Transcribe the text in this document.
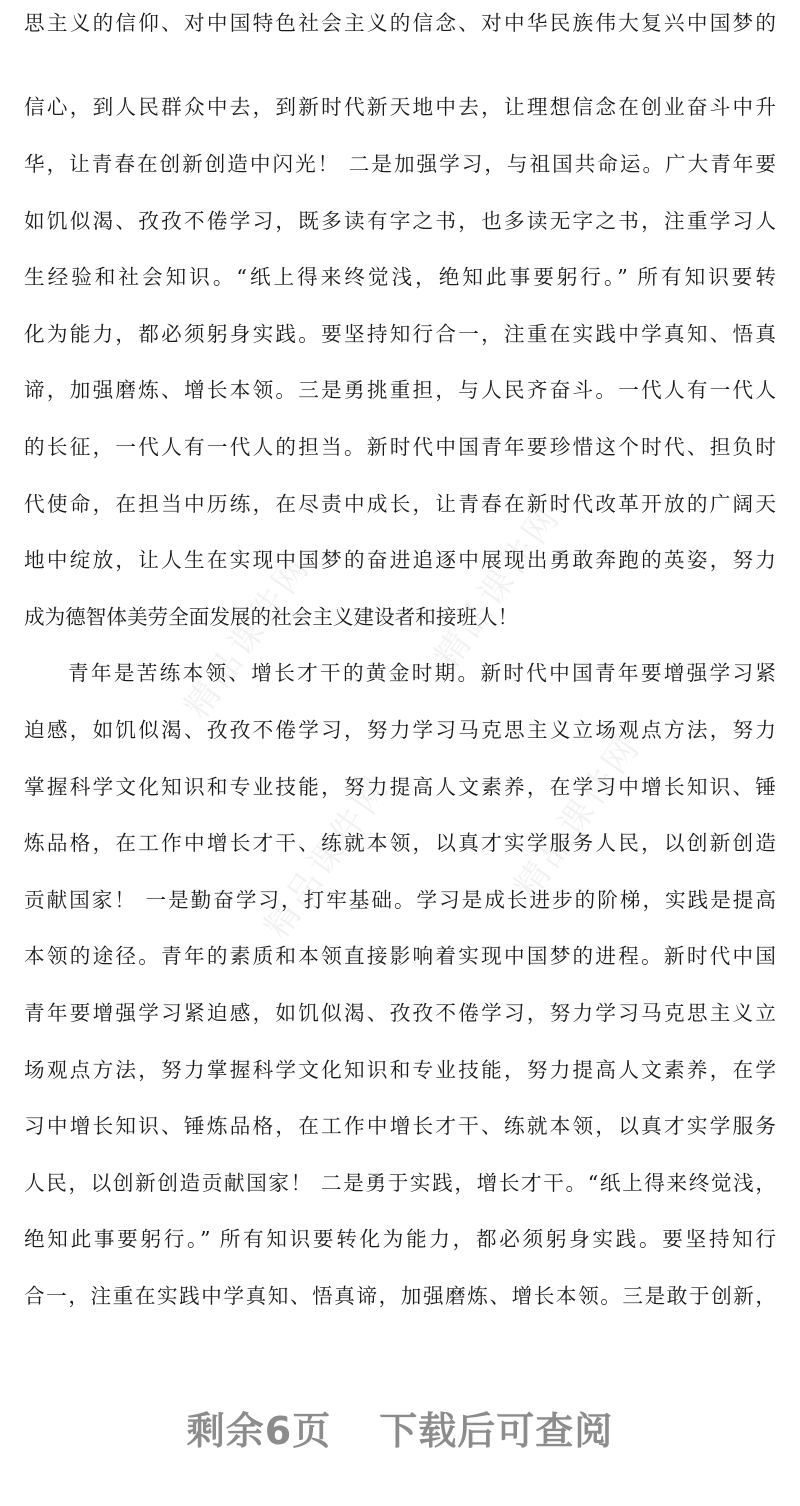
精品课件网	精品课件网
精品课件网	精品课件网
思主义的信仰、对中国特色社会主义的信念、对中华民族伟大复兴中国梦的
信心，到人民群众中去，到新时代新天地中去，让理想信念在创业奋斗中升
华，让青春在创新创造中闪光！ 二是加强学习，与祖国共命运。广大青年要
如饥似渴、孜孜不倦学习，既多读有字之书，也多读无字之书，注重学习人
生经验和社会知识。“纸上得来终觉浅，绝知此事要躬行。” 所有知识要转
化为能力，都必须躬身实践。要坚持知行合一，注重在实践中学真知、悟真
谛，加强磨炼、增长本领。三是勇挑重担，与人民齐奋斗。一代人有一代人
的长征，一代人有一代人的担当。新时代中国青年要珍惜这个时代、担负时
代使命，在担当中历练，在尽责中成长，让青春在新时代改革开放的广阔天
地中绽放，让人生在实现中国梦的奋进追逐中展现出勇敢奔跑的英姿，努力
成为德智体美劳全面发展的社会主义建设者和接班人！
青年是苦练本领、增长才干的黄金时期。新时代中国青年要增强学习紧
迫感，如饥似渴、孜孜不倦学习，努力学习马克思主义立场观点方法，努力
掌握科学文化知识和专业技能，努力提高人文素养，在学习中增长知识、锤
炼品格，在工作中增长才干、练就本领，以真才实学服务人民，以创新创造
贡献国家！ 一是勤奋学习，打牢基础。学习是成长进步的阶梯，实践是提高
本领的途径。青年的素质和本领直接影响着实现中国梦的进程。新时代中国
青年要增强学习紧迫感，如饥似渴、孜孜不倦学习，努力学习马克思主义立
场观点方法，努力掌握科学文化知识和专业技能，努力提高人文素养，在学
习中增长知识、锤炼品格，在工作中增长才干、练就本领，以真才实学服务
人民，以创新创造贡献国家！ 二是勇于实践，增长才干。“纸上得来终觉浅，
绝知此事要躬行。” 所有知识要转化为能力，都必须躬身实践。要坚持知行
合一，注重在实践中学真知、悟真谛，加强磨炼、增长本领。三是敢于创新，
剩余6页 下载后可查阅
